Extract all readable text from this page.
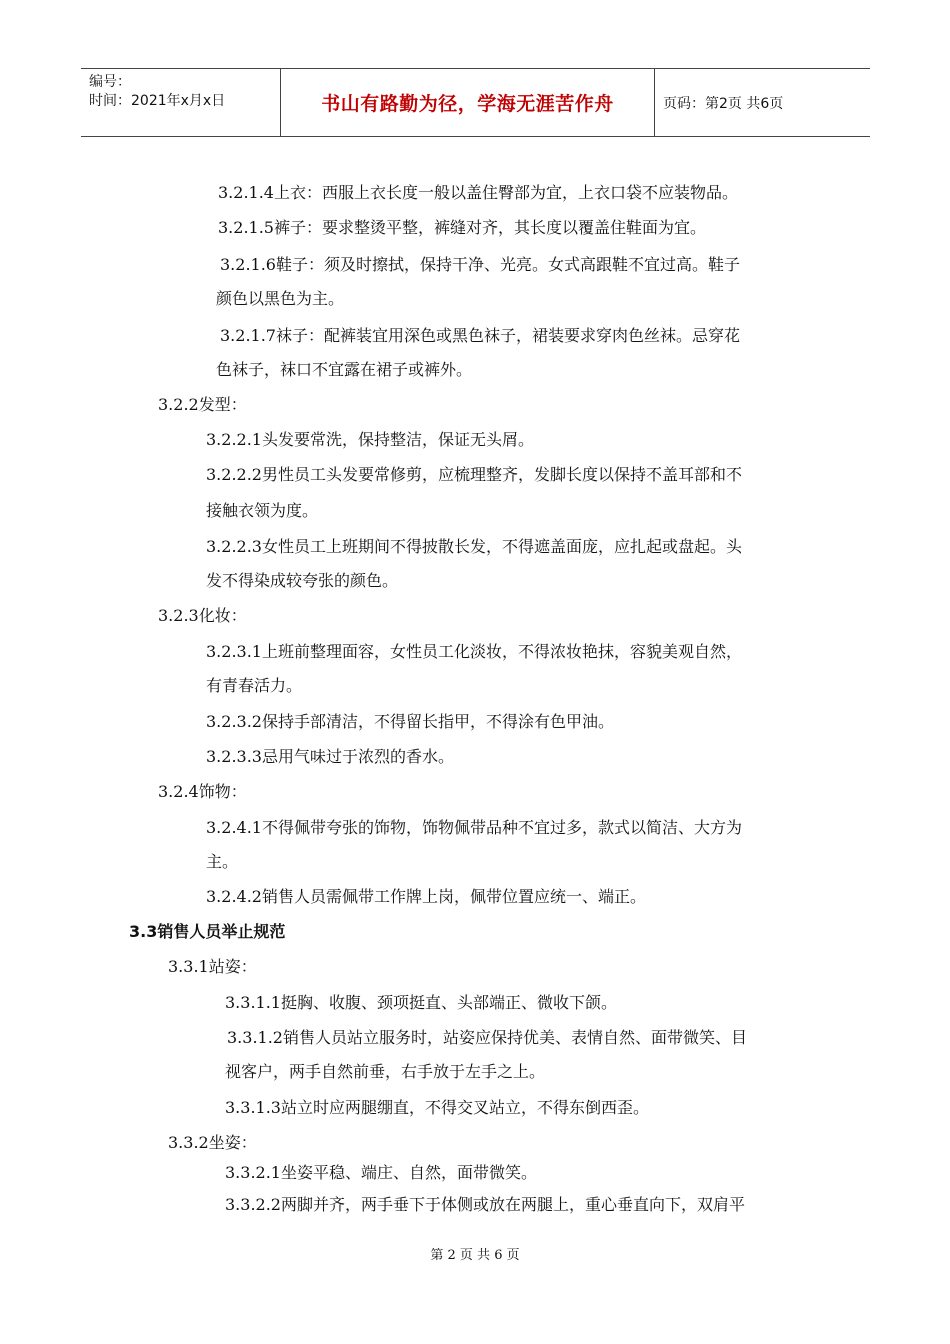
编号：
时间：2021年x月x日	书山有路勤为径，学海无涯苦作舟	页码：第2页 共6页
3.2.1.4上衣：西服上衣长度一般以盖住臀部为宜，上衣口袋不应装物品。
3.2.1.5裤子：要求整烫平整，裤缝对齐，其长度以覆盖住鞋面为宜。
3.2.1.6鞋子：须及时擦拭，保持干净、光亮。女式高跟鞋不宜过高。鞋子
颜色以黑色为主。
3.2.1.7袜子：配裤装宜用深色或黑色袜子，裙装要求穿肉色丝袜。忌穿花
色袜子，袜口不宜露在裙子或裤外。
3.2.2发型：
3.2.2.1头发要常洗，保持整洁，保证无头屑。
3.2.2.2男性员工头发要常修剪，应梳理整齐，发脚长度以保持不盖耳部和不
接触衣领为度。
3.2.2.3女性员工上班期间不得披散长发，不得遮盖面庞，应扎起或盘起。头
发不得染成较夸张的颜色。
3.2.3化妆：
3.2.3.1上班前整理面容，女性员工化淡妆，不得浓妆艳抹，容貌美观自然，
有青春活力。
3.2.3.2保持手部清洁，不得留长指甲，不得涂有色甲油。
3.2.3.3忌用气味过于浓烈的香水。
3.2.4饰物：
3.2.4.1不得佩带夸张的饰物，饰物佩带品种不宜过多，款式以简洁、大方为
主。
3.2.4.2销售人员需佩带工作牌上岗，佩带位置应统一、端正。
3.3销售人员举止规范
3.3.1站姿：
3.3.1.1挺胸、收腹、颈项挺直、头部端正、微收下颌。
3.3.1.2销售人员站立服务时，站姿应保持优美、表情自然、面带微笑、目
视客户，两手自然前垂，右手放于左手之上。
3.3.1.3站立时应两腿绷直，不得交叉站立，不得东倒西歪。
3.3.2坐姿：
3.3.2.1坐姿平稳、端庄、自然，面带微笑。
3.3.2.2两脚并齐，两手垂下于体侧或放在两腿上，重心垂直向下，双肩平
第 2 页 共 6 页
